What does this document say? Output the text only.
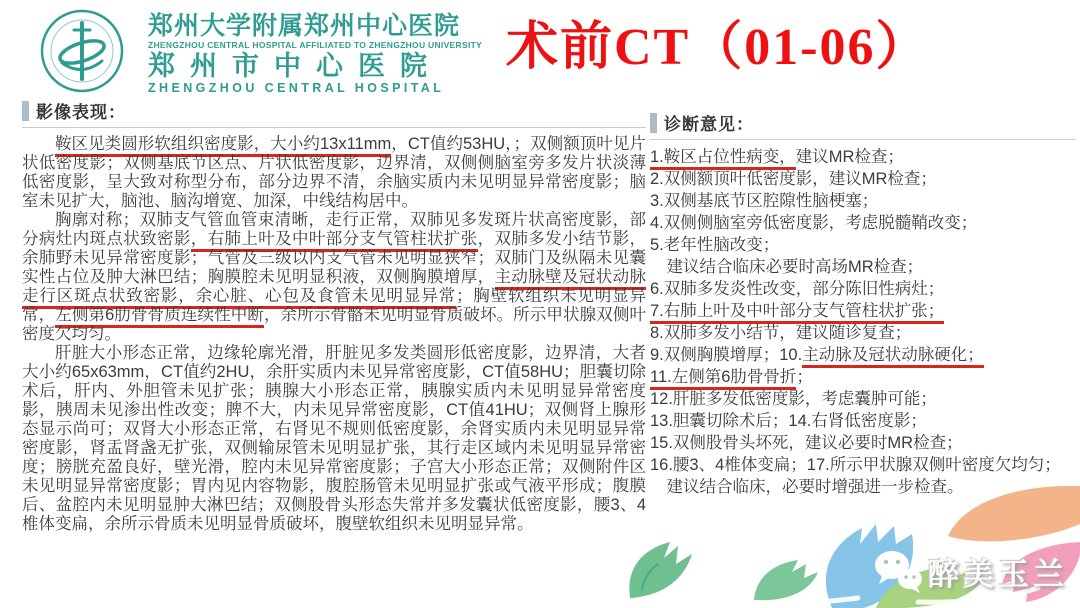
郑州大学附属郑州中心医院
ZHENGZHOU CENTRAL HOSPITAL AFFILIATED TO ZHENGZHOU UNIVERSITY
郑州市中心医院
ZHENGZHOU CENTRAL HOSPITAL
术前CT（01-06）
影像表现：

鞍区见类圆形软组织密度影，大小约13x11mm，CT值约53HU，；双侧额顶叶见片状低密度影；双侧基底节区点、片状低密度影，边界清，双侧侧脑室旁多发片状淡薄低密度影，呈大致对称型分布，部分边界不清，余脑实质内未见明显异常密度影；脑室未见扩大，脑池、脑沟增宽、加深，中线结构居中。

胸廓对称；双肺支气管血管束清晰，走行正常，双肺见多发斑片状高密度影，部分病灶内斑点状致密影，右肺上叶及中叶部分支气管柱状扩张，双肺多发小结节影，余肺野未见异常密度影；气管及三级以内支气管未见明显狭窄；双肺门及纵隔未见囊实性占位及肿大淋巴结；胸膜腔未见明显积液，双侧胸膜增厚，主动脉壁及冠状动脉走行区斑点状致密影，余心脏、心包及食管未见明显异常；胸壁软组织未见明显异常，左侧第6肋骨骨质连续性中断，余所示骨骼未见明显骨质破坏。所示甲状腺双侧叶密度欠均匀。

肝脏大小形态正常，边缘轮廓光滑，肝脏见多发类圆形低密度影，边界清，大者大小约65x63mm，CT值约2HU，余肝实质内未见异常密度影，CT值58HU；胆囊切除术后，肝内、外胆管未见扩张；胰腺大小形态正常，胰腺实质内未见明显异常密度影，胰周未见渗出性改变；脾不大，内未见异常密度影，CT值41HU；双侧肾上腺形态显示尚可；双肾大小形态正常，右肾见不规则低密度影，余肾实质内未见明显异常密度影，肾盂肾盏无扩张，双侧输尿管未见明显扩张，其行走区域内未见明显异常密度；膀胱充盈良好，壁光滑，腔内未见异常密度影；子宫大小形态正常；双侧附件区未见明显异常密度影；胃内见内容物影，腹腔肠管未见明显扩张或气液平形成；腹膜后、盆腔内未见明显肿大淋巴结；双侧股骨头形态失常并多发囊状低密度影，腰3、4椎体变扁，余所示骨质未见明显骨质破坏，腹壁软组织未见明显异常。

诊断意见：

1.鞍区占位性病变，建议MR检查；

2.双侧额顶叶低密度影，建议MR检查；

3.双侧基底节区腔隙性脑梗塞；

4.双侧侧脑室旁低密度影，考虑脱髓鞘改变；

5.老年性脑改变；

　建议结合临床必要时高场MR检查；

6.双肺多发炎性改变，部分陈旧性病灶；

7.右肺上叶及中叶部分支气管柱状扩张；

8.双肺多发小结节，建议随诊复查；

9.双侧胸膜增厚；10.主动脉及冠状动脉硬化；

11.左侧第6肋骨骨折；

12.肝脏多发低密度影，考虑囊肿可能；

13.胆囊切除术后；14.右肾低密度影；

15.双侧股骨头坏死，建议必要时MR检查；

16.腰3、4椎体变扁；17.所示甲状腺双侧叶密度欠均匀；

　建议结合临床，必要时增强进一步检查。

醉美玉兰
